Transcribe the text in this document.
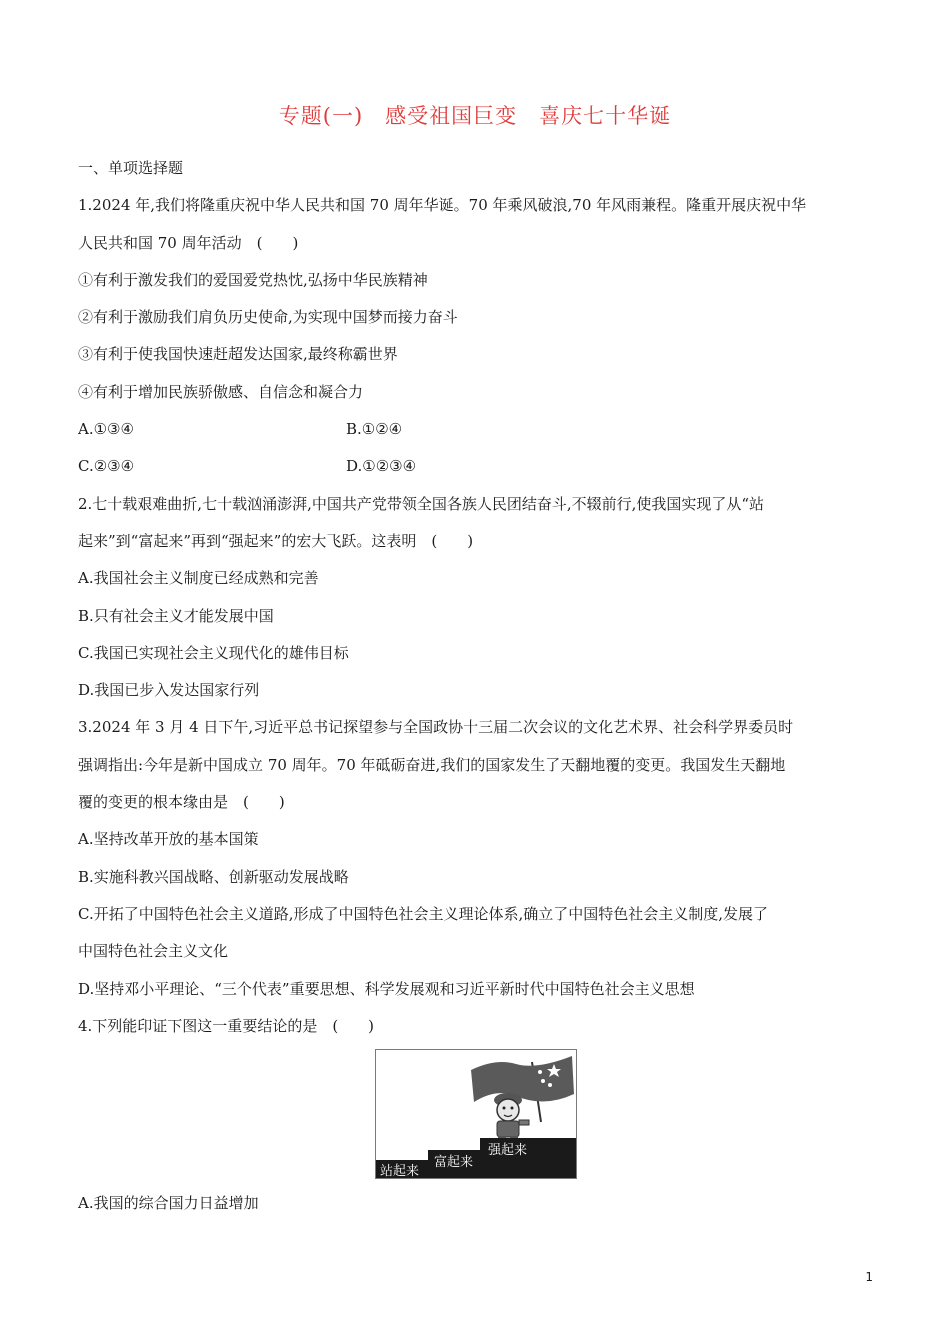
专题(一)　感受祖国巨变　喜庆七十华诞
一、单项选择题
1.2024 年,我们将隆重庆祝中华人民共和国 70 周年华诞。70 年乘风破浪,70 年风雨兼程。隆重开展庆祝中华
人民共和国 70 周年活动　(　　)
①有利于激发我们的爱国爱党热忱,弘扬中华民族精神
②有利于激励我们肩负历史使命,为实现中国梦而接力奋斗
③有利于使我国快速赶超发达国家,最终称霸世界
④有利于增加民族骄傲感、自信念和凝合力
A.①③④	B.①②④
C.②③④	D.①②③④
2.七十载艰难曲折,七十载汹涌澎湃,中国共产党带领全国各族人民团结奋斗,不辍前行,使我国实现了从“站
起来”到“富起来”再到“强起来”的宏大飞跃。这表明　(　　)
A.我国社会主义制度已经成熟和完善
B.只有社会主义才能发展中国
C.我国已实现社会主义现代化的雄伟目标
D.我国已步入发达国家行列
3.2024 年 3 月 4 日下午,习近平总书记探望参与全国政协十三届二次会议的文化艺术界、社会科学界委员时
强调指出:今年是新中国成立 70 周年。70 年砥砺奋进,我们的国家发生了天翻地覆的变更。我国发生天翻地
覆的变更的根本缘由是　(　　)
A.坚持改革开放的基本国策
B.实施科教兴国战略、创新驱动发展战略
C.开拓了中国特色社会主义道路,形成了中国特色社会主义理论体系,确立了中国特色社会主义制度,发展了
中国特色社会主义文化
D.坚持邓小平理论、“三个代表”重要思想、科学发展观和习近平新时代中国特色社会主义思想
4.下列能印证下图这一重要结论的是　(　　)
站起来
富起来
强起来
A.我国的综合国力日益增加
1
